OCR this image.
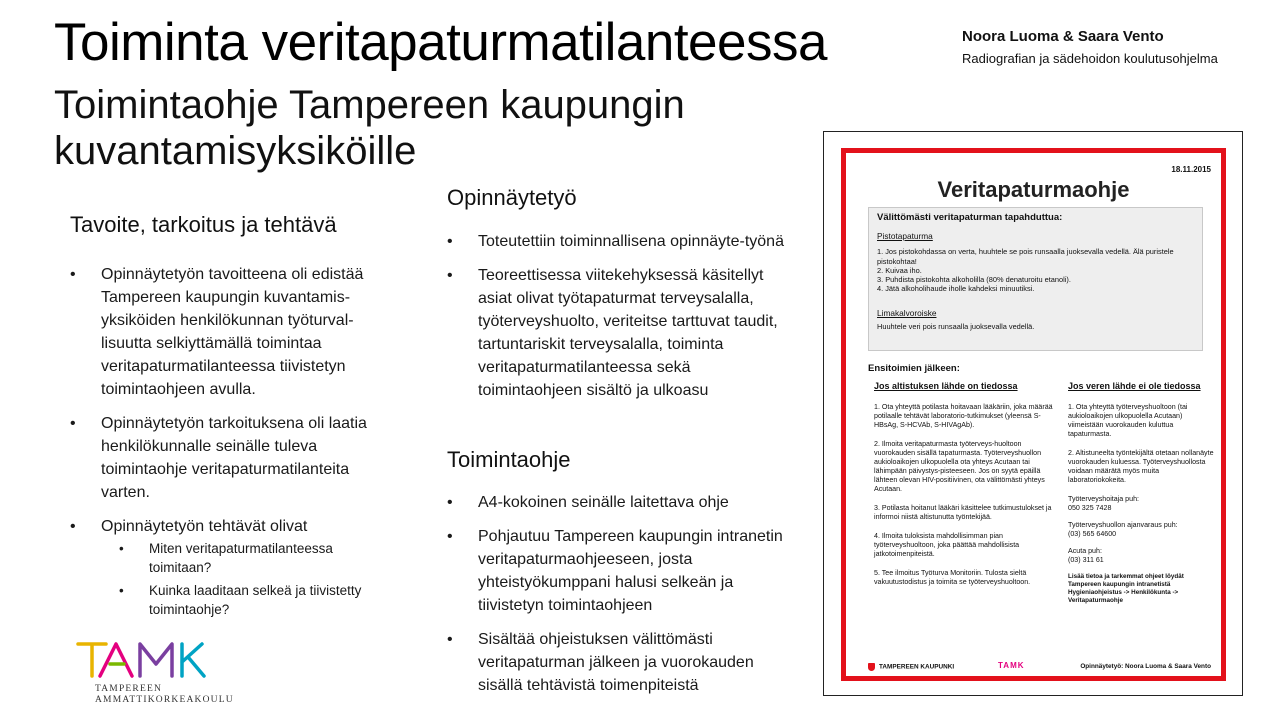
Toiminta veritapaturmatilanteessa
Toimintaohje Tampereen kaupungin kuvantamisyksiköille
Noora Luoma & Saara Vento
Radiografian ja sädehoidon koulutusohjelma
Tavoite, tarkoitus ja tehtävä
• Opinnäytetyön tavoitteena oli edistää Tampereen kaupungin kuvantamis-yksiköiden henkilökunnan työturval-lisuutta selkiyttämällä toimintaa veritapaturmatilanteessa tiivistetyn toimintaohjeen avulla.
• Opinnäytetyön tarkoituksena oli laatia henkilökunnalle seinälle tuleva toimintaohje veritapaturmatilanteita varten.
• Opinnäytetyön tehtävät olivat
• Miten veritapaturmatilanteessa toimitaan?
• Kuinka laaditaan selkeä ja tiivistetty toimintaohje?
Opinnäytetyö
• Toteutettiin toiminnallisena opinnäyte-työnä
• Teoreettisessa viitekehyksessä käsitellyt asiat olivat työtapaturmat terveysalalla, työterveyshuolto, veriteitse tarttuvat taudit, tartuntariskit terveysalalla, toiminta veritapaturmatilanteessa sekä toimintaohjeen sisältö ja ulkoasu
Toimintaohje
• A4-kokoinen seinälle laitettava ohje
• Pohjautuu Tampereen kaupungin intranetin veritapaturmaohjeeseen, josta yhteistyökumppani halusi selkeän ja tiivistetyn toimintaohjeen
• Sisältää ohjeistuksen välittömästi veritapaturman jälkeen ja vuorokauden sisällä tehtävistä toimenpiteistä
TAMPEREEN
AMMATTIKORKEAKOULU
18.11.2015
Veritapaturmaohje
Välittömästi veritapaturman tapahduttua:
Pistotapaturma
1. Jos pistokohdassa on verta, huuhtele se pois runsaalla juoksevalla vedellä. Älä puristele pistokohtaa!
2. Kuivaa iho.
3. Puhdista pistokohta alkoholilla (80% denaturoitu etanoli).
4. Jätä alkoholihaude iholle kahdeksi minuutiksi.
Limakalvoroiske
Huuhtele veri pois runsaalla juoksevalla vedellä.
Ensitoimien jälkeen:
Jos altistuksen lähde on tiedossa

1. Ota yhteyttä potilasta hoitavaan lääkäriin, joka määrää potilaalle tehtävät laboratorio-tutkimukset (yleensä S-HBsAg, S-HCVAb, S-HIVAgAb).

2. Ilmoita veritapaturmasta työterveys-huoltoon vuorokauden sisällä tapaturmasta. Työterveyshuollon aukioloaikojen ulkopuolella ota yhteys Acutaan tai lähimpään päivystys-pisteeseen. Jos on syytä epäillä lähteen olevan HIV-positiivinen, ota välittömästi yhteys Acutaan.

3. Potilasta hoitanut lääkäri käsittelee tutkimustulokset ja informoi niistä altistunutta työntekijää.

4. Ilmoita tuloksista mahdollisimman pian työterveyshuoltoon, joka päättää mahdollisista jatkotoimenpiteistä.

5. Tee ilmoitus Työturva Monitoriin. Tulosta sieltä vakuutustodistus ja toimita se työterveyshuoltoon.

Jos veren lähde ei ole tiedossa

1. Ota yhteyttä työterveyshuoltoon (tai aukioloaikojen ulkopuolella Acutaan) viimeistään vuorokauden kuluttua tapaturmasta.

2. Altistuneelta työntekijältä otetaan nollanäyte vuorokauden kuluessa. Työterveyshuollosta voidaan määrätä myös muita laboratoriokokeita.

Työterveyshoitaja puh:
050 325 7428
Työterveyshuollon ajanvaraus puh:
(03) 565 64600
Acuta puh:
(03) 311 61
Lisää tietoa ja tarkemmat ohjeet löydät Tampereen kaupungin intranetistä Hygieniaohjeistus -> Henkilökunta -> Veritapaturmaohje
TAMPEREEN KAUPUNKI	TAMK	Opinnäytetyö: Noora Luoma & Saara Vento
